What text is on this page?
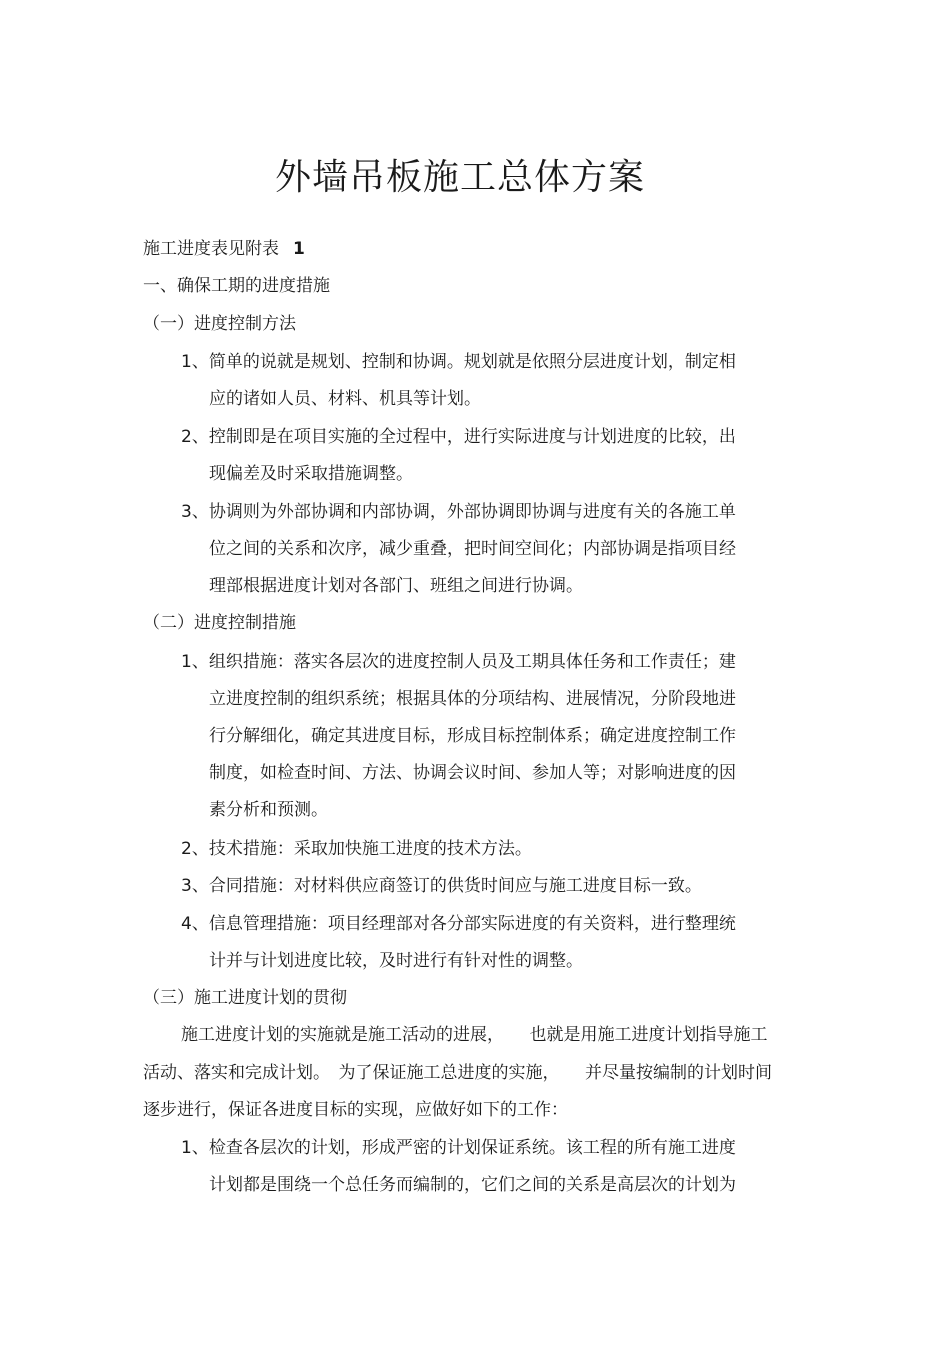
外墙吊板施工总体方案
施工进度表见附表 1
一、确保工期的进度措施
（一）进度控制方法
1、简单的说就是规划、控制和协调。规划就是依照分层进度计划，制定相
应的诸如人员、材料、机具等计划。
2、控制即是在项目实施的全过程中，进行实际进度与计划进度的比较，出
现偏差及时采取措施调整。
3、协调则为外部协调和内部协调，外部协调即协调与进度有关的各施工单
位之间的关系和次序，减少重叠，把时间空间化；内部协调是指项目经
理部根据进度计划对各部门、班组之间进行协调。
（二）进度控制措施
1、组织措施：落实各层次的进度控制人员及工期具体任务和工作责任；建
立进度控制的组织系统；根据具体的分项结构、进展情况，分阶段地进
行分解细化，确定其进度目标，形成目标控制体系；确定进度控制工作
制度，如检查时间、方法、协调会议时间、参加人等；对影响进度的因
素分析和预测。
2、技术措施：采取加快施工进度的技术方法。
3、合同措施：对材料供应商签订的供货时间应与施工进度目标一致。
4、信息管理措施：项目经理部对各分部实际进度的有关资料，进行整理统
计并与计划进度比较，及时进行有针对性的调整。
（三）施工进度计划的贯彻
施工进度计划的实施就是施工活动的进展，　　也就是用施工进度计划指导施工
活动、落实和完成计划。　为了保证施工总进度的实施，　　并尽量按编制的计划时间
逐步进行，保证各进度目标的实现，应做好如下的工作：
1、检查各层次的计划，形成严密的计划保证系统。该工程的所有施工进度
计划都是围绕一个总任务而编制的，它们之间的关系是高层次的计划为
